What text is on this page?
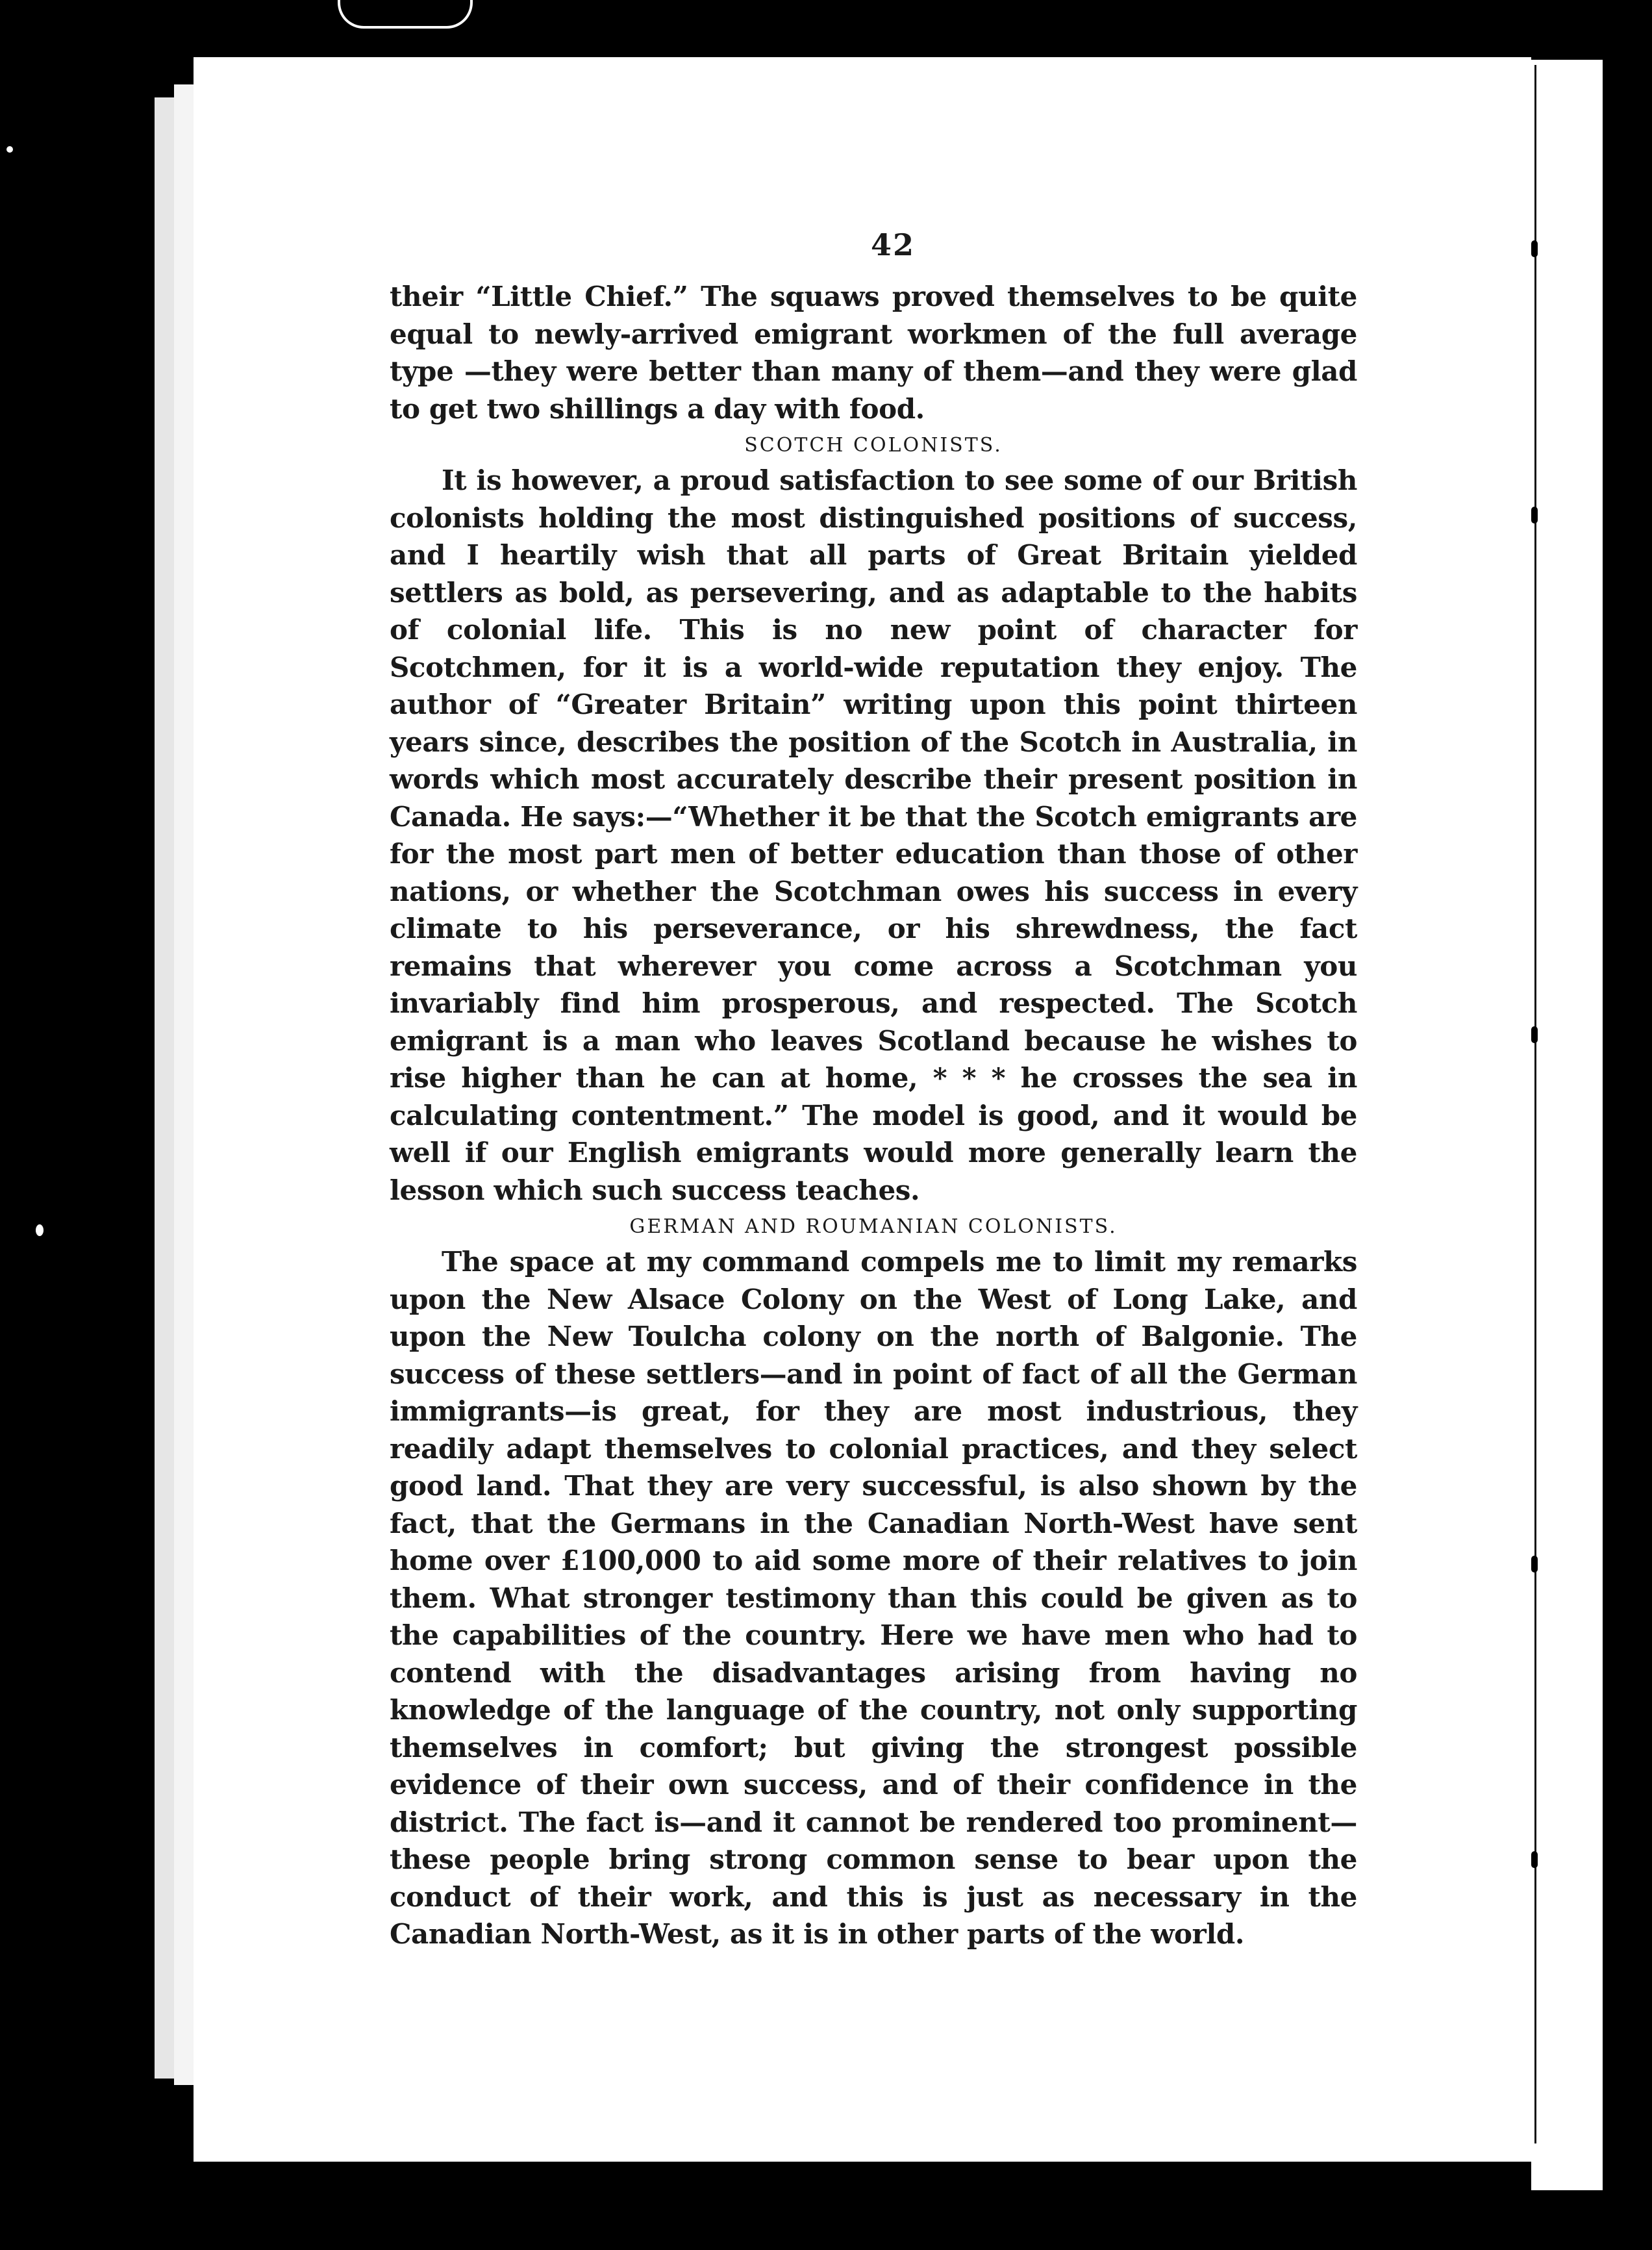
42

their “Little Chief.” The squaws proved themselves to be quite equal to newly-arrived emigrant workmen of the full average type —they were better than many of them—and they were glad to get two shillings a day with food.

SCOTCH COLONISTS.

It is however, a proud satisfaction to see some of our British colonists holding the most distinguished positions of success, and I heartily wish that all parts of Great Britain yielded settlers as bold, as persevering, and as adaptable to the habits of colonial life. This is no new point of character for Scotchmen, for it is a world-wide reputation they enjoy. The author of “Greater Britain” writing upon this point thirteen years since, describes the position of the Scotch in Australia, in words which most accurately describe their present position in Canada. He says:—“Whether it be that the Scotch emigrants are for the most part men of better education than those of other nations, or whether the Scotchman owes his success in every climate to his perseverance, or his shrewdness, the fact remains that wherever you come across a Scotchman you invariably find him prosperous, and respected. The Scotch emigrant is a man who leaves Scotland because he wishes to rise higher than he can at home, * * * he crosses the sea in calculating contentment.” The model is good, and it would be well if our English emigrants would more generally learn the lesson which such success teaches.

GERMAN AND ROUMANIAN COLONISTS.

The space at my command compels me to limit my remarks upon the New Alsace Colony on the West of Long Lake, and upon the New Toulcha colony on the north of Balgonie. The success of these settlers—and in point of fact of all the German immigrants—is great, for they are most industrious, they readily adapt themselves to colonial practices, and they select good land. That they are very successful, is also shown by the fact, that the Germans in the Canadian North-West have sent home over £100,000 to aid some more of their relatives to join them. What stronger testimony than this could be given as to the capabilities of the country. Here we have men who had to contend with the disadvantages arising from having no knowledge of the language of the country, not only supporting themselves in comfort; but giving the strongest possible evidence of their own success, and of their confidence in the district. The fact is—and it cannot be rendered too prominent—these people bring strong common sense to bear upon the conduct of their work, and this is just as necessary in the Canadian North-West, as it is in other parts of the world.
